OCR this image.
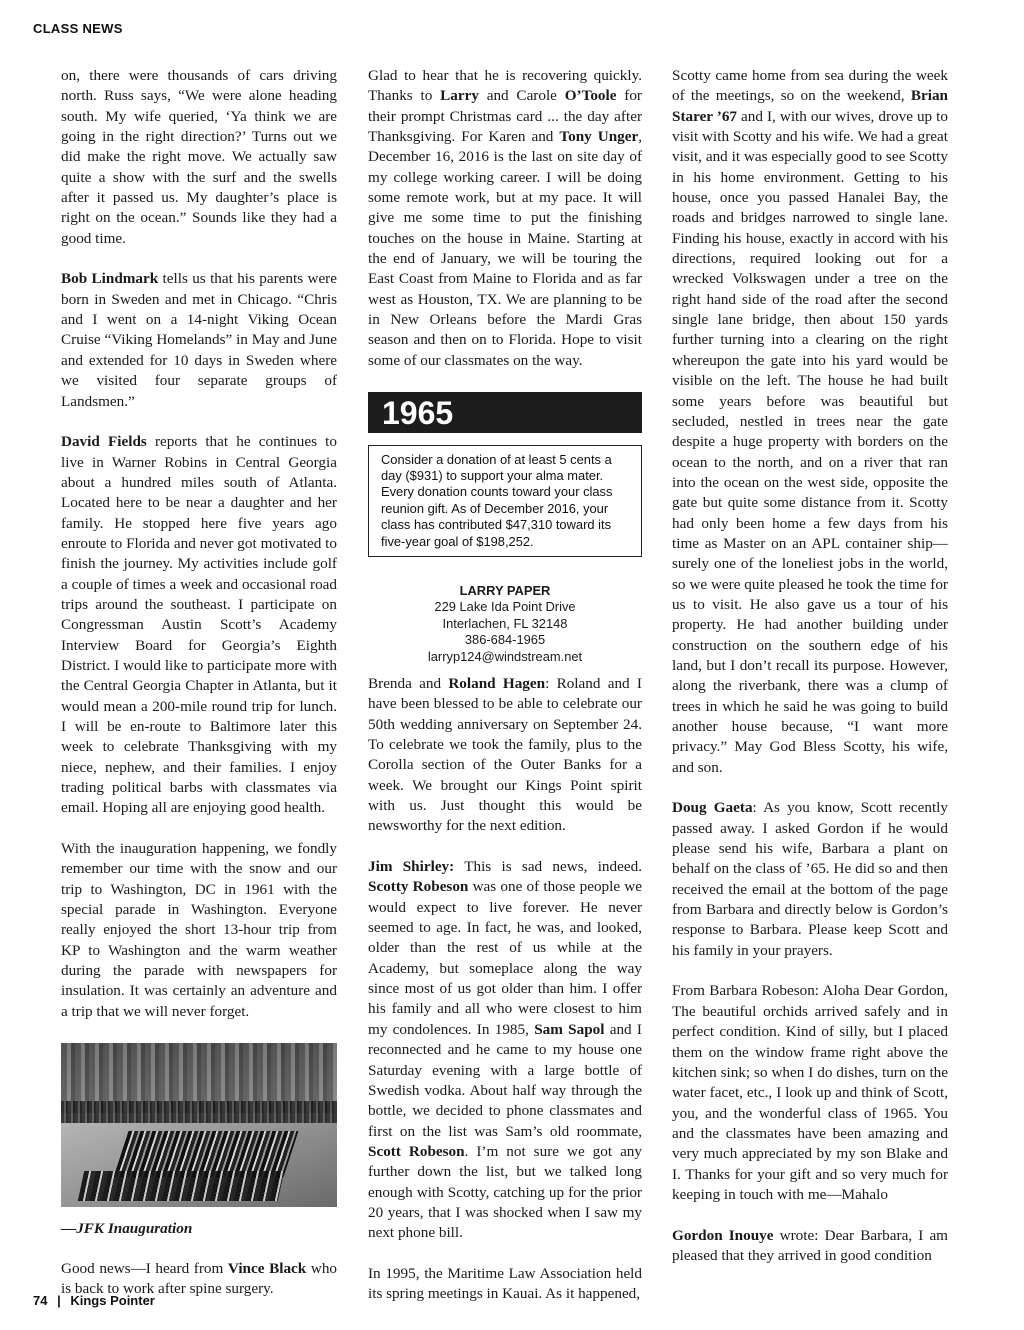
CLASS NEWS

on, there were thousands of cars driving north. Russ says, “We were alone heading south. My wife queried, ‘Ya think we are going in the right direction?’ Turns out we did make the right move. We actually saw quite a show with the surf and the swells after it passed us. My daughter’s place is right on the ocean.” Sounds like they had a good time.

Bob Lindmark tells us that his parents were born in Sweden and met in Chicago. “Chris and I went on a 14-night Viking Ocean Cruise “Viking Homelands” in May and June and extended for 10 days in Sweden where we visited four separate groups of Landsmen.”

David Fields reports that he continues to live in Warner Robins in Central Georgia about a hundred miles south of Atlanta. Located here to be near a daughter and her family. He stopped here five years ago enroute to Florida and never got motivated to finish the journey. My activities include golf a couple of times a week and occasional road trips around the southeast. I participate on Congressman Austin Scott’s Academy Interview Board for Georgia’s Eighth District. I would like to participate more with the Central Georgia Chapter in Atlanta, but it would mean a 200-mile round trip for lunch. I will be en-route to Baltimore later this week to celebrate Thanksgiving with my niece, nephew, and their families. I enjoy trading political barbs with classmates via email. Hoping all are enjoying good health.

With the inauguration happening, we fondly remember our time with the snow and our trip to Washington, DC in 1961 with the special parade in Washington. Everyone really enjoyed the short 13-hour trip from KP to Washington and the warm weather during the parade with newspapers for insulation. It was certainly an adventure and a trip that we will never forget.

—JFK Inauguration

Good news—I heard from Vince Black who is back to work after spine surgery.

Glad to hear that he is recovering quickly. Thanks to Larry and Carole O’Toole for their prompt Christmas card ... the day after Thanksgiving. For Karen and Tony Unger, December 16, 2016 is the last on site day of my college working career. I will be doing some remote work, but at my pace. It will give me some time to put the finishing touches on the house in Maine. Starting at the end of January, we will be touring the East Coast from Maine to Florida and as far west as Houston, TX. We are planning to be in New Orleans before the Mardi Gras season and then on to Florida. Hope to visit some of our classmates on the way.

1965
Consider a donation of at least 5 cents a day ($931) to support your alma mater. Every donation counts toward your class reunion gift. As of December 2016, your class has contributed $47,310 toward its five-year goal of $198,252.
LARRY PAPER
229 Lake Ida Point Drive
Interlachen, FL 32148
386-684-1965
larryp124@windstream.net

Brenda and Roland Hagen: Roland and I have been blessed to be able to celebrate our 50th wedding anniversary on September 24. To celebrate we took the family, plus to the Corolla section of the Outer Banks for a week. We brought our Kings Point spirit with us. Just thought this would be newsworthy for the next edition.

Jim Shirley: This is sad news, indeed. Scotty Robeson was one of those people we would expect to live forever. He never seemed to age. In fact, he was, and looked, older than the rest of us while at the Academy, but someplace along the way since most of us got older than him. I offer his family and all who were closest to him my condolences. In 1985, Sam Sapol and I reconnected and he came to my house one Saturday evening with a large bottle of Swedish vodka. About half way through the bottle, we decided to phone classmates and first on the list was Sam’s old roommate, Scott Robeson. I’m not sure we got any further down the list, but we talked long enough with Scotty, catching up for the prior 20 years, that I was shocked when I saw my next phone bill.

In 1995, the Maritime Law Association held its spring meetings in Kauai. As it happened,

Scotty came home from sea during the week of the meetings, so on the weekend, Brian Starer ’67 and I, with our wives, drove up to visit with Scotty and his wife. We had a great visit, and it was especially good to see Scotty in his home environment. Getting to his house, once you passed Hanalei Bay, the roads and bridges narrowed to single lane. Finding his house, exactly in accord with his directions, required looking out for a wrecked Volkswagen under a tree on the right hand side of the road after the second single lane bridge, then about 150 yards further turning into a clearing on the right whereupon the gate into his yard would be visible on the left. The house he had built some years before was beautiful but secluded, nestled in trees near the gate despite a huge property with borders on the ocean to the north, and on a river that ran into the ocean on the west side, opposite the gate but quite some distance from it. Scotty had only been home a few days from his time as Master on an APL container ship—surely one of the loneliest jobs in the world, so we were quite pleased he took the time for us to visit. He also gave us a tour of his property. He had another building under construction on the southern edge of his land, but I don’t recall its purpose. However, along the riverbank, there was a clump of trees in which he said he was going to build another house because, “I want more privacy.” May God Bless Scotty, his wife, and son.

Doug Gaeta: As you know, Scott recently passed away. I asked Gordon if he would please send his wife, Barbara a plant on behalf on the class of ’65. He did so and then received the email at the bottom of the page from Barbara and directly below is Gordon’s response to Barbara. Please keep Scott and his family in your prayers.

From Barbara Robeson: Aloha Dear Gordon, The beautiful orchids arrived safely and in perfect condition. Kind of silly, but I placed them on the window frame right above the kitchen sink; so when I do dishes, turn on the water facet, etc., I look up and think of Scott, you, and the wonderful class of 1965. You and the classmates have been amazing and very much appreciated by my son Blake and I. Thanks for your gift and so very much for keeping in touch with me—Mahalo

Gordon Inouye wrote: Dear Barbara, I am pleased that they arrived in good condition

74 | Kings Pointer
